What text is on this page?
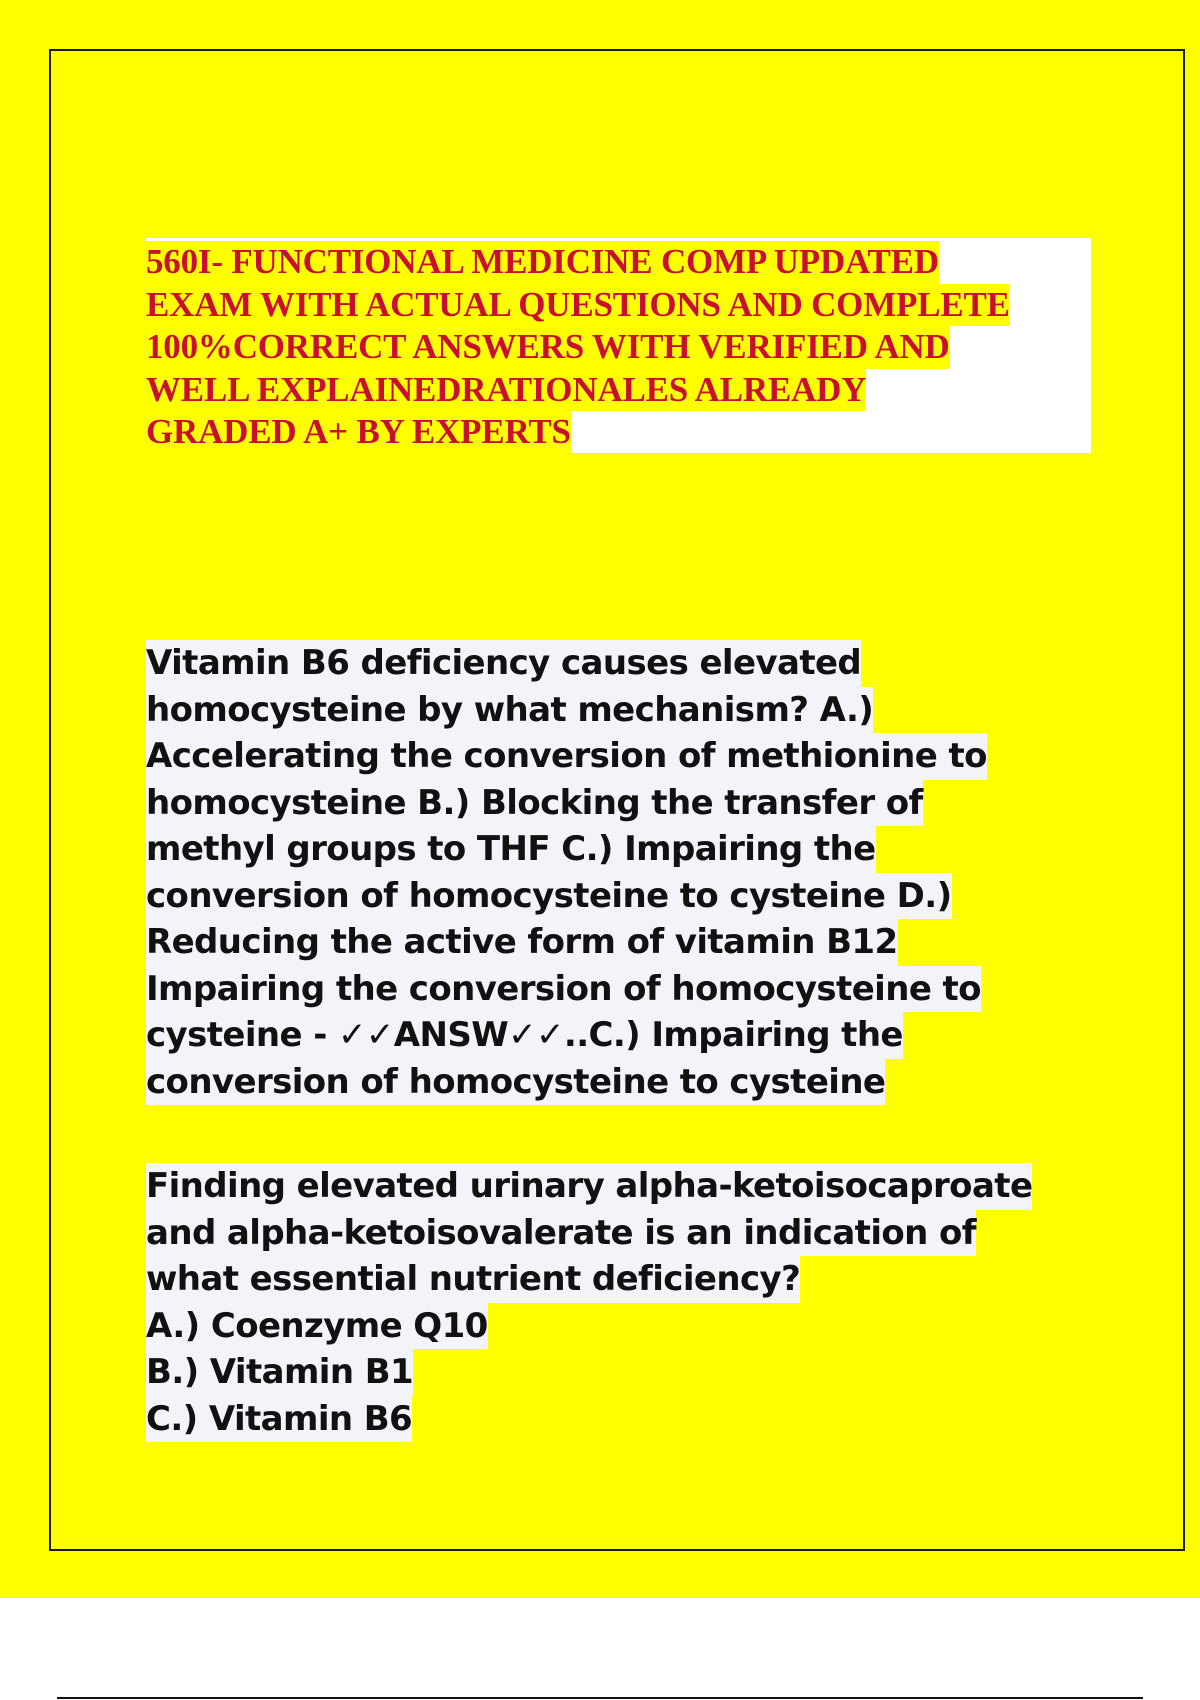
560I- FUNCTIONAL MEDICINE COMP UPDATED
EXAM WITH ACTUAL QUESTIONS AND COMPLETE
100%CORRECT ANSWERS WITH VERIFIED AND
WELL EXPLAINEDRATIONALES ALREADY
GRADED A+ BY EXPERTS
Vitamin B6 deficiency causes elevated
homocysteine by what mechanism? A.)
Accelerating the conversion of methionine to
homocysteine B.) Blocking the transfer of
methyl groups to THF C.) Impairing the
conversion of homocysteine to cysteine D.)
Reducing the active form of vitamin B12
Impairing the conversion of homocysteine to
cysteine - ✓✓ANSW✓✓..C.) Impairing the
conversion of homocysteine to cysteine
Finding elevated urinary alpha-ketoisocaproate
and alpha-ketoisovalerate is an indication of
what essential nutrient deficiency?
A.) Coenzyme Q10
B.) Vitamin B1
C.) Vitamin B6
